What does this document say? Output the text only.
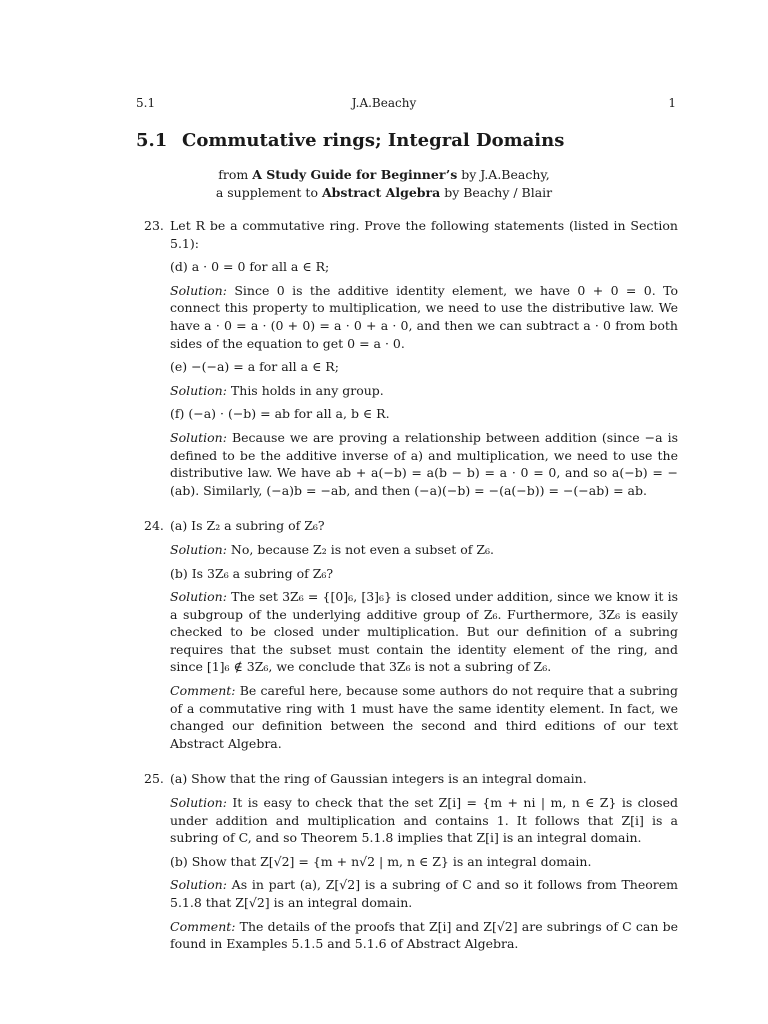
J.A.Beachy
5.1	1
5.1 Commutative rings; Integral Domains
from A Study Guide for Beginner’s by J.A.Beachy,
a supplement to Abstract Algebra by Beachy / Blair
23. Let R be a commutative ring. Prove the following statements (listed in Section 5.1):
(d) a · 0 = 0 for all a ∈ R;
Solution: Since 0 is the additive identity element, we have 0 + 0 = 0. To connect this property to multiplication, we need to use the distributive law. We have a · 0 = a · (0 + 0) = a · 0 + a · 0, and then we can subtract a · 0 from both sides of the equation to get 0 = a · 0.
(e) −(−a) = a for all a ∈ R;
Solution: This holds in any group.
(f) (−a) · (−b) = ab for all a, b ∈ R.
Solution: Because we are proving a relationship between addition (since −a is defined to be the additive inverse of a) and multiplication, we need to use the distributive law. We have ab + a(−b) = a(b − b) = a · 0 = 0, and so a(−b) = −(ab). Similarly, (−a)b = −ab, and then (−a)(−b) = −(a(−b)) = −(−ab) = ab.
24. (a) Is Z₂ a subring of Z₆?
Solution: No, because Z₂ is not even a subset of Z₆.
(b) Is 3Z₆ a subring of Z₆?
Solution: The set 3Z₆ = {[0]₆, [3]₆} is closed under addition, since we know it is a subgroup of the underlying additive group of Z₆. Furthermore, 3Z₆ is easily checked to be closed under multiplication. But our definition of a subring requires that the subset must contain the identity element of the ring, and since [1]₆ ∉ 3Z₆, we conclude that 3Z₆ is not a subring of Z₆.
Comment: Be careful here, because some authors do not require that a subring of a commutative ring with 1 must have the same identity element. In fact, we changed our definition between the second and third editions of our text Abstract Algebra.
25. (a) Show that the ring of Gaussian integers is an integral domain.
Solution: It is easy to check that the set Z[i] = {m + ni | m, n ∈ Z} is closed under addition and multiplication and contains 1. It follows that Z[i] is a subring of C, and so Theorem 5.1.8 implies that Z[i] is an integral domain.
(b) Show that Z[√2] = {m + n√2 | m, n ∈ Z} is an integral domain.
Solution: As in part (a), Z[√2] is a subring of C and so it follows from Theorem 5.1.8 that Z[√2] is an integral domain.
Comment: The details of the proofs that Z[i] and Z[√2] are subrings of C can be found in Examples 5.1.5 and 5.1.6 of Abstract Algebra.
